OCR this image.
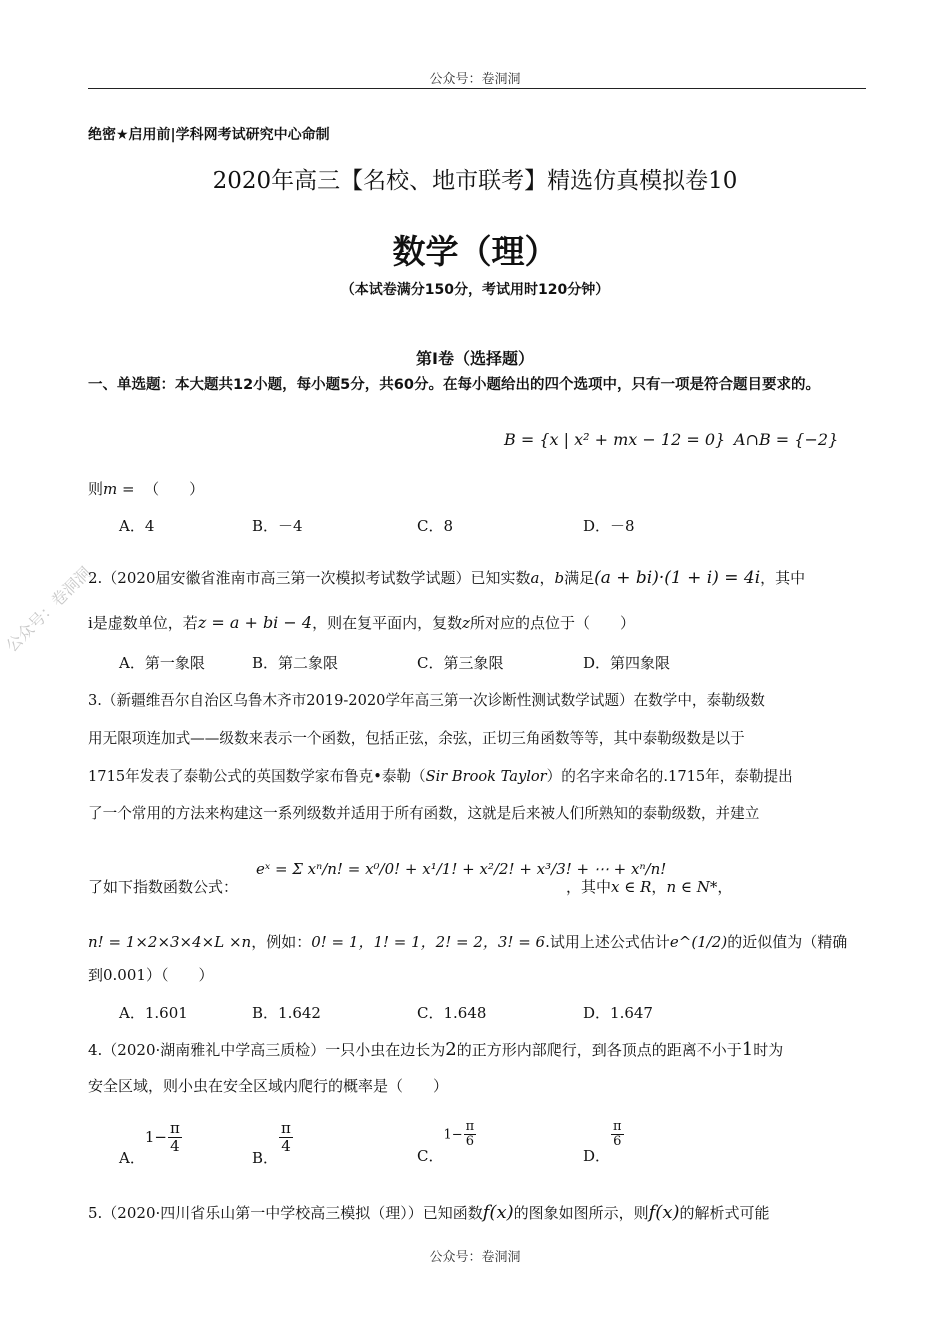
公众号：卷洞洞
公众号：卷洞洞
绝密★启用前|学科网考试研究中心命制
2020年高三【名校、地市联考】精选仿真模拟卷10
数学（理）
（本试卷满分150分，考试用时120分钟）
第Ⅰ卷（选择题）
一、单选题：本大题共12小题，每小题5分，共60分。在每小题给出的四个选项中，只有一项是符合题目要求的。
B = {x | x² + mx − 12 = 0} A∩B = {−2}
则m = （　　）
A．4	B．－4	C．8	D．－8
2.（2020届安徽省淮南市高三第一次模拟考试数学试题）已知实数a，b满足(a + bi)·(1 + i) = 4i，其中
i是虚数单位，若z = a + bi − 4，则在复平面内，复数z所对应的点位于（　　）
A．第一象限	B．第二象限	C．第三象限	D．第四象限
3.（新疆维吾尔自治区乌鲁木齐市2019-2020学年高三第一次诊断性测试数学试题）在数学中，泰勒级数
用无限项连加式——级数来表示一个函数，包括正弦，余弦，正切三角函数等等，其中泰勒级数是以于
1715年发表了泰勒公式的英国数学家布鲁克•泰勒（Sir Brook Taylor）的名字来命名的.1715年，泰勒提出
了一个常用的方法来构建这一系列级数并适用于所有函数，这就是后来被人们所熟知的泰勒级数，并建立
了如下指数函数公式：
eˣ = Σ xⁿ/n! = x⁰/0! + x¹/1! + x²/2! + x³/3! + ⋯ + xⁿ/n!
，其中x ∈ R，n ∈ N*，
n! = 1×2×3×4×L ×n，例如：0! = 1，1! = 1，2! = 2，3! = 6.试用上述公式估计e^(1/2)的近似值为（精确
到0.001）（　　）
A．1.601	B．1.642	C．1.648	D．1.647
4.（2020·湖南雅礼中学高三质检）一只小虫在边长为2的正方形内部爬行，到各顶点的距离不小于1时为
安全区域，则小虫在安全区域内爬行的概率是（　　）
A．$1- \frac{\pi}{4}$
B．
$\frac{\pi}{4}$
C．$1- \frac{\pi}{6}$
D．
$\frac{\pi}{6}$
5.（2020·四川省乐山第一中学校高三模拟（理））已知函数f(x)的图象如图所示，则f(x)的解析式可能
公众号：卷洞洞
